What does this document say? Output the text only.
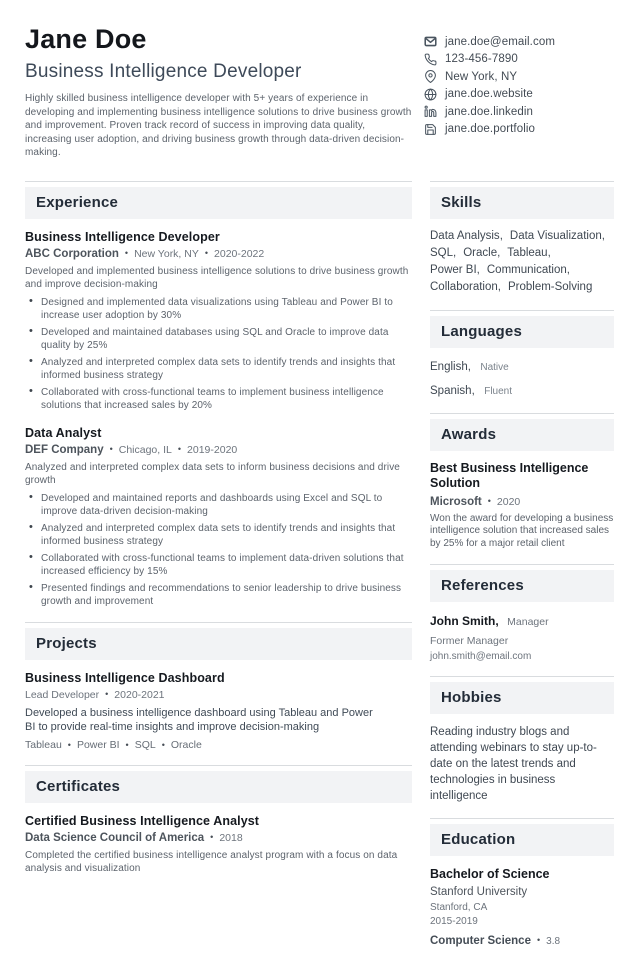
Jane Doe
Business Intelligence Developer

Highly skilled business intelligence developer with 5+ years of experience in developing and implementing business intelligence solutions to drive business growth and improvement. Proven track record of success in improving data quality, increasing user adoption, and driving business growth through data-driven decision-making.

jane.doe@email.com
123-456-7890
New York, NY
jane.doe.website
jane.doe.linkedin
jane.doe.portfolio
Experience
Business Intelligence Developer
ABC Corporation • New York, NY • 2020-2022
Developed and implemented business intelligence solutions to drive business growth and improve decision-making
• Designed and implemented data visualizations using Tableau and Power BI to increase user adoption by 30%
• Developed and maintained databases using SQL and Oracle to improve data quality by 25%
• Analyzed and interpreted complex data sets to identify trends and insights that informed business strategy
• Collaborated with cross-functional teams to implement business intelligence solutions that increased sales by 20%
Data Analyst
DEF Company • Chicago, IL • 2019-2020
Analyzed and interpreted complex data sets to inform business decisions and drive growth
• Developed and maintained reports and dashboards using Excel and SQL to improve data-driven decision-making
• Analyzed and interpreted complex data sets to identify trends and insights that informed business strategy
• Collaborated with cross-functional teams to implement data-driven solutions that increased efficiency by 15%
• Presented findings and recommendations to senior leadership to drive business growth and improvement
Projects
Business Intelligence Dashboard
Lead Developer • 2020-2021
Developed a business intelligence dashboard using Tableau and Power BI to provide real-time insights and improve decision-making
Tableau • Power BI • SQL • Oracle
Certificates
Certified Business Intelligence Analyst
Data Science Council of America • 2018
Completed the certified business intelligence analyst program with a focus on data analysis and visualization
Skills
Data Analysis , Data Visualization ,SQL , Oracle , Tableau ,Power BI , Communication ,Collaboration , Problem-Solving
Languages
English , Native
Spanish , Fluent
Awards
Best Business Intelligence Solution
Microsoft • 2020
Won the award for developing a business intelligence solution that increased sales by 25% for a major retail client
References
John Smith , Manager
Former Manager
john.smith@email.com
Hobbies
Reading industry blogs and attending webinars to stay up-to-date on the latest trends and technologies in business intelligence
Education
Bachelor of Science
Stanford University
Stanford, CA
2015-2019
Computer Science • 3.8
